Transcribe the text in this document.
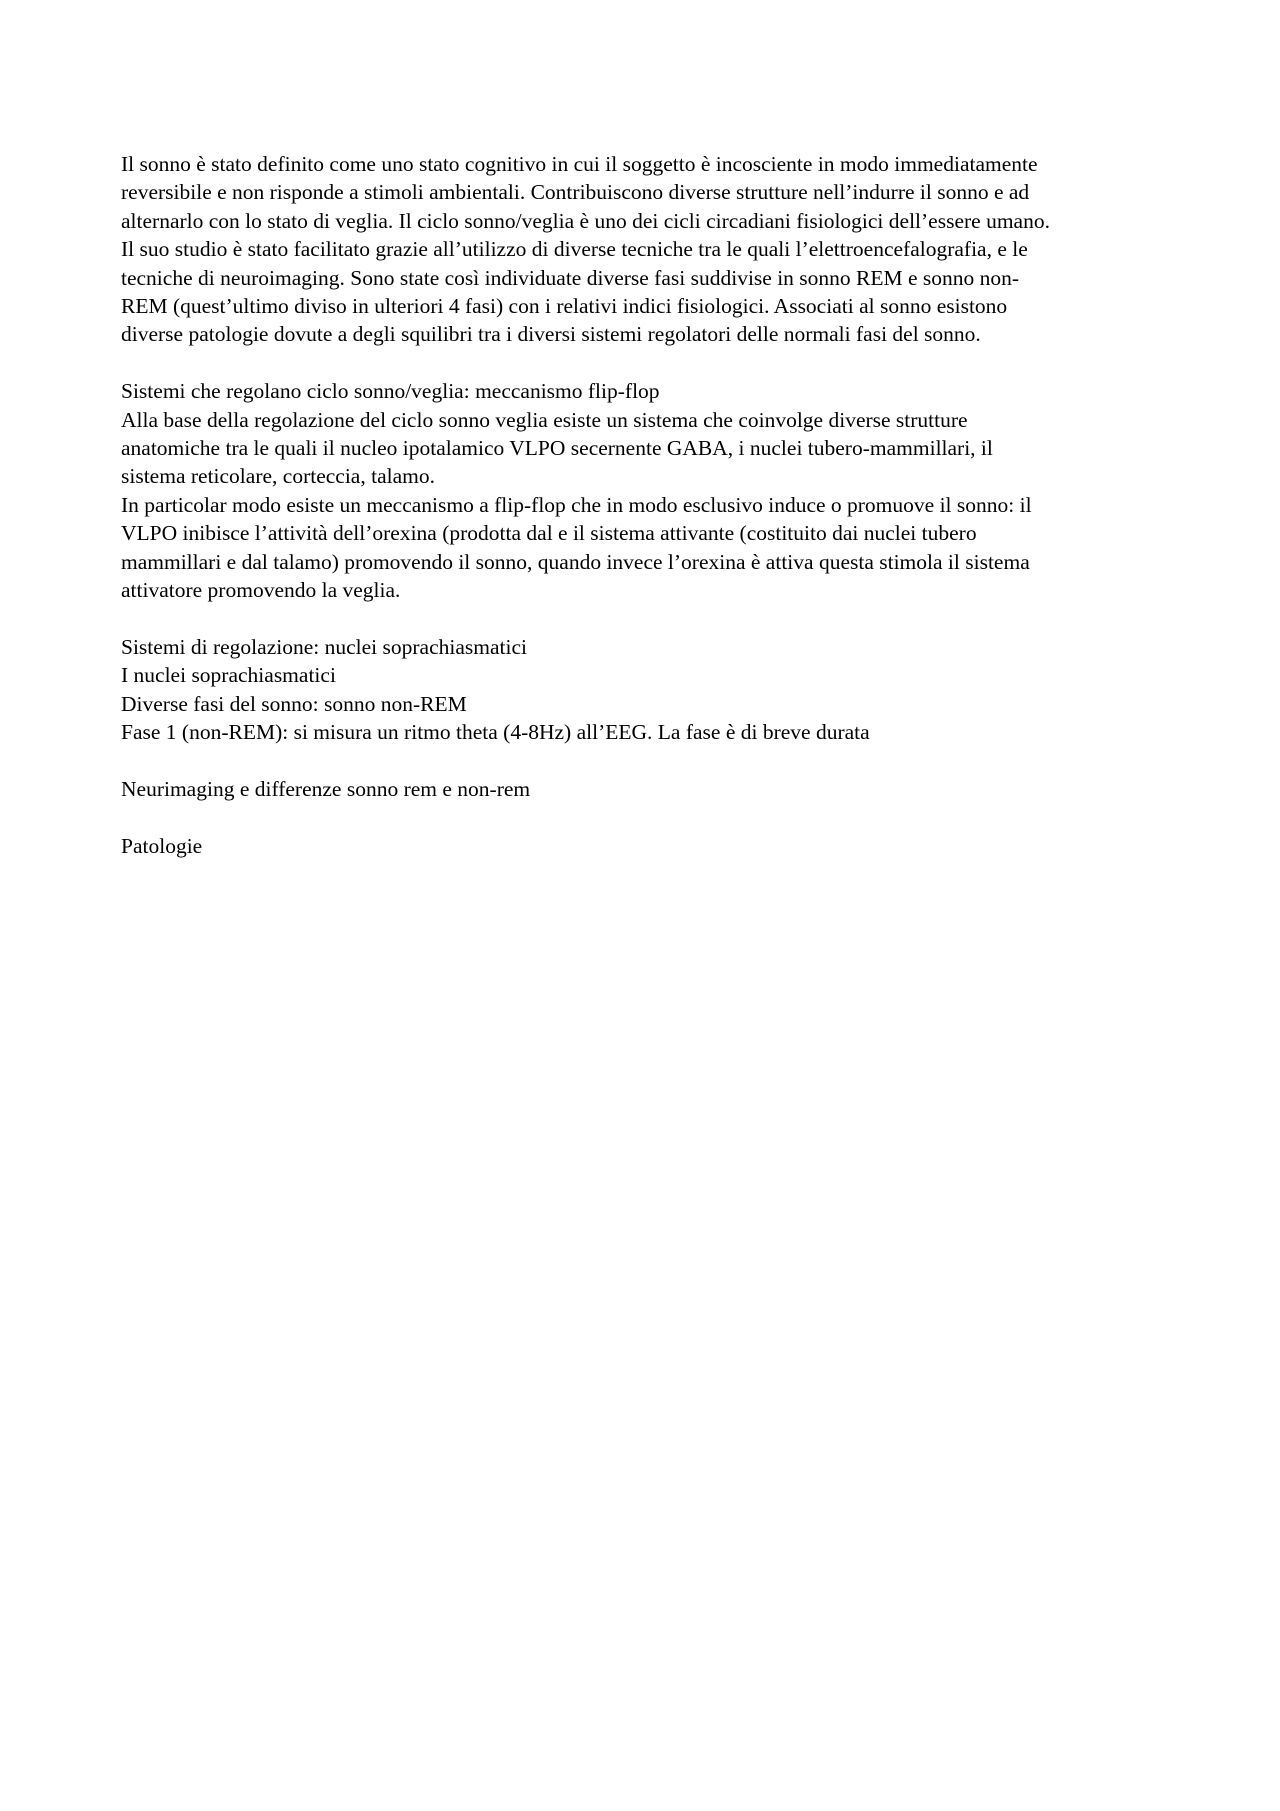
Il sonno è stato definito come uno stato cognitivo in cui il soggetto è incosciente in modo immediatamente

reversibile e non risponde a stimoli ambientali. Contribuiscono diverse strutture nell’indurre il sonno e ad

alternarlo con lo stato di veglia. Il ciclo sonno/veglia è uno dei cicli circadiani fisiologici dell’essere umano.

Il suo studio è stato facilitato grazie all’utilizzo di diverse tecniche tra le quali l’elettroencefalografia, e le

tecniche di neuroimaging. Sono state così individuate diverse fasi suddivise in sonno REM e sonno non-

REM (quest’ultimo diviso in ulteriori 4 fasi) con i relativi indici fisiologici. Associati al sonno esistono

diverse patologie dovute a degli squilibri tra i diversi sistemi regolatori delle normali fasi del sonno.

Sistemi che regolano ciclo sonno/veglia: meccanismo flip-flop

Alla base della regolazione del ciclo sonno veglia esiste un sistema che coinvolge diverse strutture

anatomiche tra le quali il nucleo ipotalamico VLPO secernente GABA, i nuclei tubero-mammillari, il

sistema reticolare, corteccia, talamo.

In particolar modo esiste un meccanismo a flip-flop che in modo esclusivo induce o promuove il sonno: il

VLPO inibisce l’attività dell’orexina (prodotta dal e il sistema attivante (costituito dai nuclei tubero

mammillari e dal talamo) promovendo il sonno, quando invece l’orexina è attiva questa stimola il sistema

attivatore promovendo la veglia.

Sistemi di regolazione: nuclei soprachiasmatici

I nuclei soprachiasmatici

Diverse fasi del sonno: sonno non-REM

Fase 1 (non-REM): si misura un ritmo theta (4-8Hz) all’EEG. La fase è di breve durata

Neurimaging e differenze sonno rem e non-rem

Patologie
